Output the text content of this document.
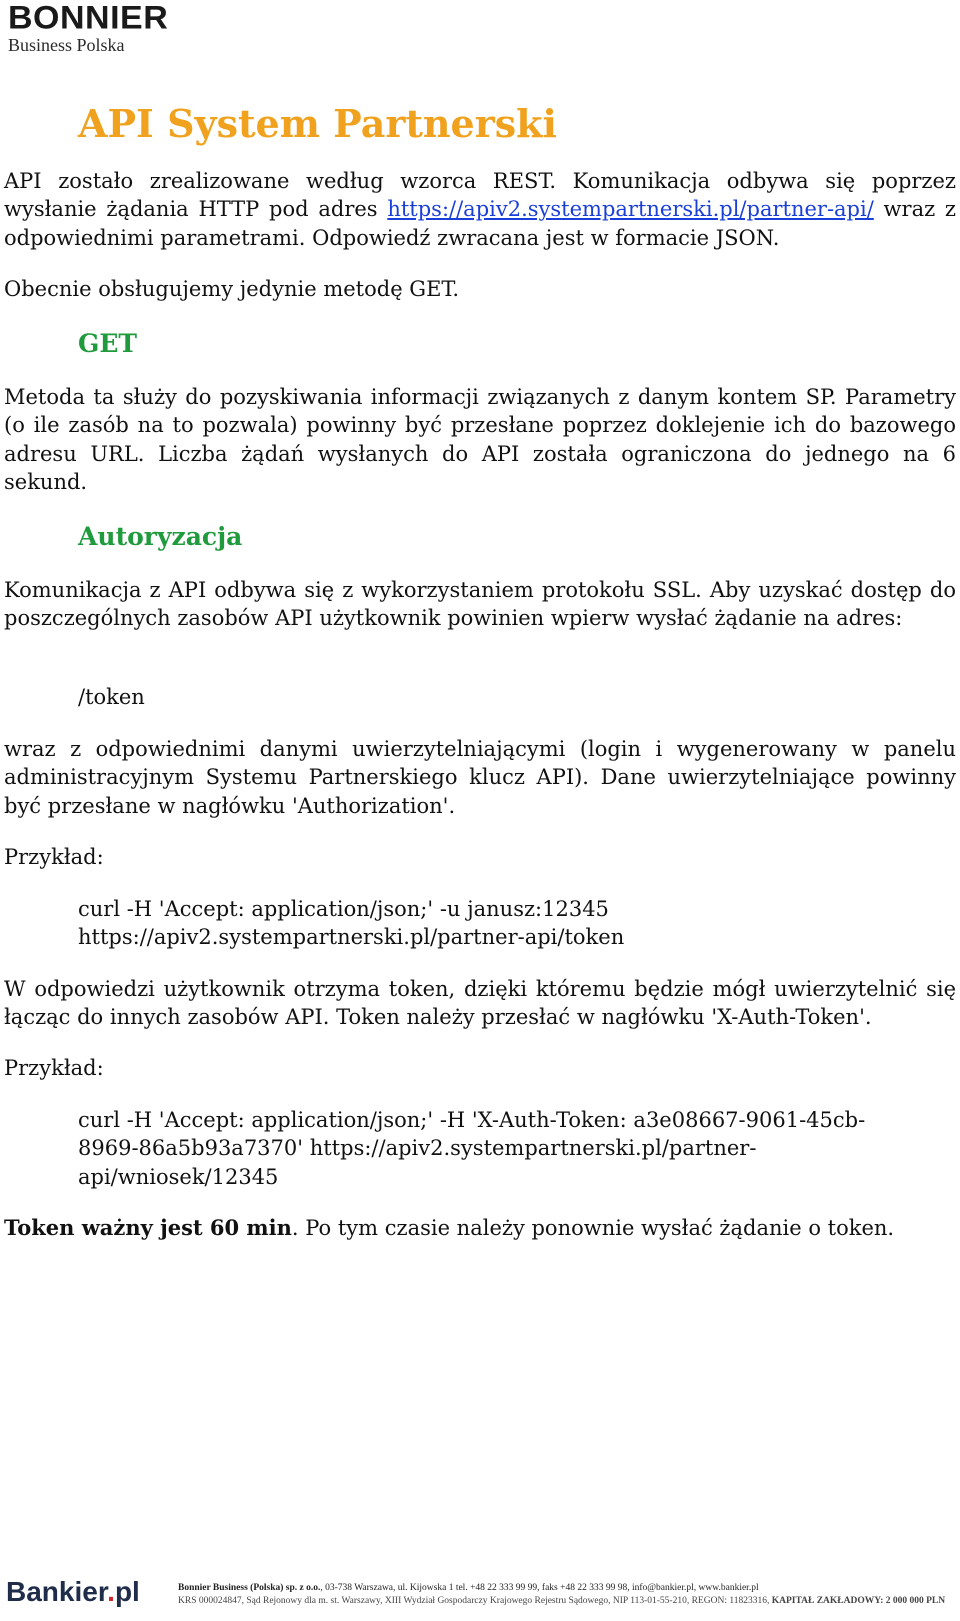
BONNIER
Business Polska
API System Partnerski

API zostało zrealizowane według wzorca REST. Komunikacja odbywa się poprzez wysłanie żądania HTTP pod adres https://apiv2.systempartnerski.pl/partner-api/ wraz z odpowiednimi parametrami. Odpowiedź zwracana jest w formacie JSON.

Obecnie obsługujemy jedynie metodę GET.

GET

Metoda ta służy do pozyskiwania informacji związanych z danym kontem SP. Parametry (o ile zasób na to pozwala) powinny być przesłane poprzez doklejenie ich do bazowego adresu URL. Liczba żądań wysłanych do API została ograniczona do jednego na 6 sekund.

Autoryzacja

Komunikacja z API odbywa się z wykorzystaniem protokołu SSL. Aby uzyskać dostęp do poszczególnych zasobów API użytkownik powinien wpierw wysłać żądanie na adres:

/token

wraz z odpowiednimi danymi uwierzytelniającymi (login i wygenerowany w panelu administracyjnym Systemu Partnerskiego klucz API). Dane uwierzytelniające powinny być przesłane w nagłówku 'Authorization'.

Przykład:

curl -H 'Accept: application/json;' -u janusz:12345
https://apiv2.systempartnerski.pl/partner-api/token

W odpowiedzi użytkownik otrzyma token, dzięki któremu będzie mógł uwierzytelnić się łącząc do innych zasobów API. Token należy przesłać w nagłówku 'X-Auth-Token'.

Przykład:

curl -H 'Accept: application/json;' -H 'X-Auth-Token: a3e08667-9061-45cb-
8969-86a5b93a7370' https://apiv2.systempartnerski.pl/partner-
api/wniosek/12345

Token ważny jest 60 min. Po tym czasie należy ponownie wysłać żądanie o token.

Bankier.pl	Bonnier Business (Polska) sp. z o.o., 03-738 Warszawa, ul. Kijowska 1 tel. +48 22 333 99 99, faks +48 22 333 99 98, info@bankier.pl, www.bankier.pl
KRS 000024847, Sąd Rejonowy dla m. st. Warszawy, XIII Wydział Gospodarczy Krajowego Rejestru Sądowego, NIP 113-01-55-210, REGON: 11823316, KAPITAŁ ZAKŁADOWY: 2 000 000 PLN
